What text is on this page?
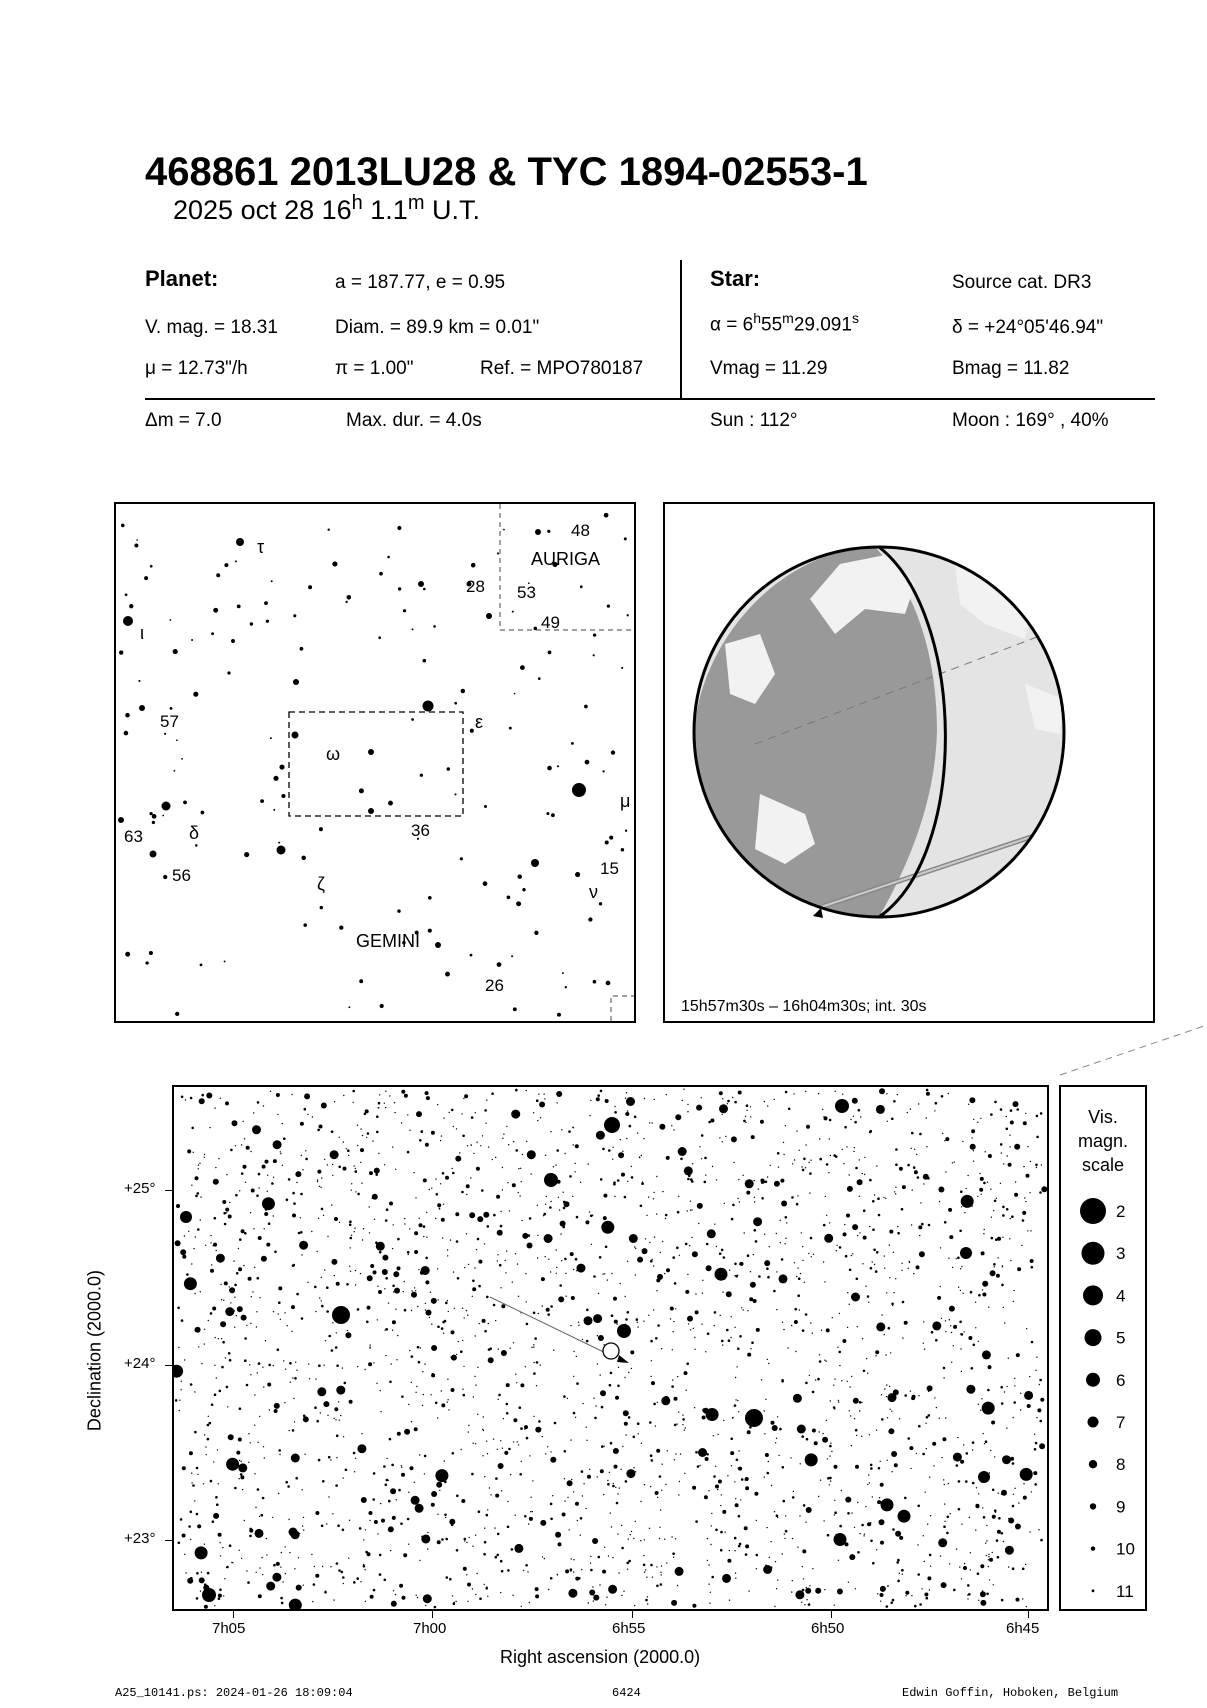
468861 2013LU28 & TYC 1894-02553-1
2025 oct 28 16$^h$ 1.1$^m$ U.T.
Planet:	a = 187.77, e = 0.95
V. mag. = 18.31	Diam. = 89.9 km = 0.01"
μ = 12.73"/h	π = 1.00"	Ref. = MPO780187
Star:	Source cat. DR3
$\alpha = 6^h55^m29.091^s$	δ = +24°05'46.94"
Vmag = 11.29	Bmag = 11.82
Δm = 7.0	Max. dur. = 4.0s	Sun : 112°	Moon : 169° , 40%
AURIGA
GEMINI
48
28 53
49
57
63
56
36
15
26
τ
ι
ε
ω
μ
δ
ζ	ν
15h57m30s – 16h04m30s; int. 30s
+25°
+24°
+23°
7h05	7h00	6h55	6h50	6h45
Right ascension (2000.0)
Declination (2000.0)
Vis.
magn.
scale
2
3
4
5
6
7
8
9
10
11
A25_10141.ps: 2024-01-26 18:09:04	6424	Edwin Goffin, Hoboken, Belgium
